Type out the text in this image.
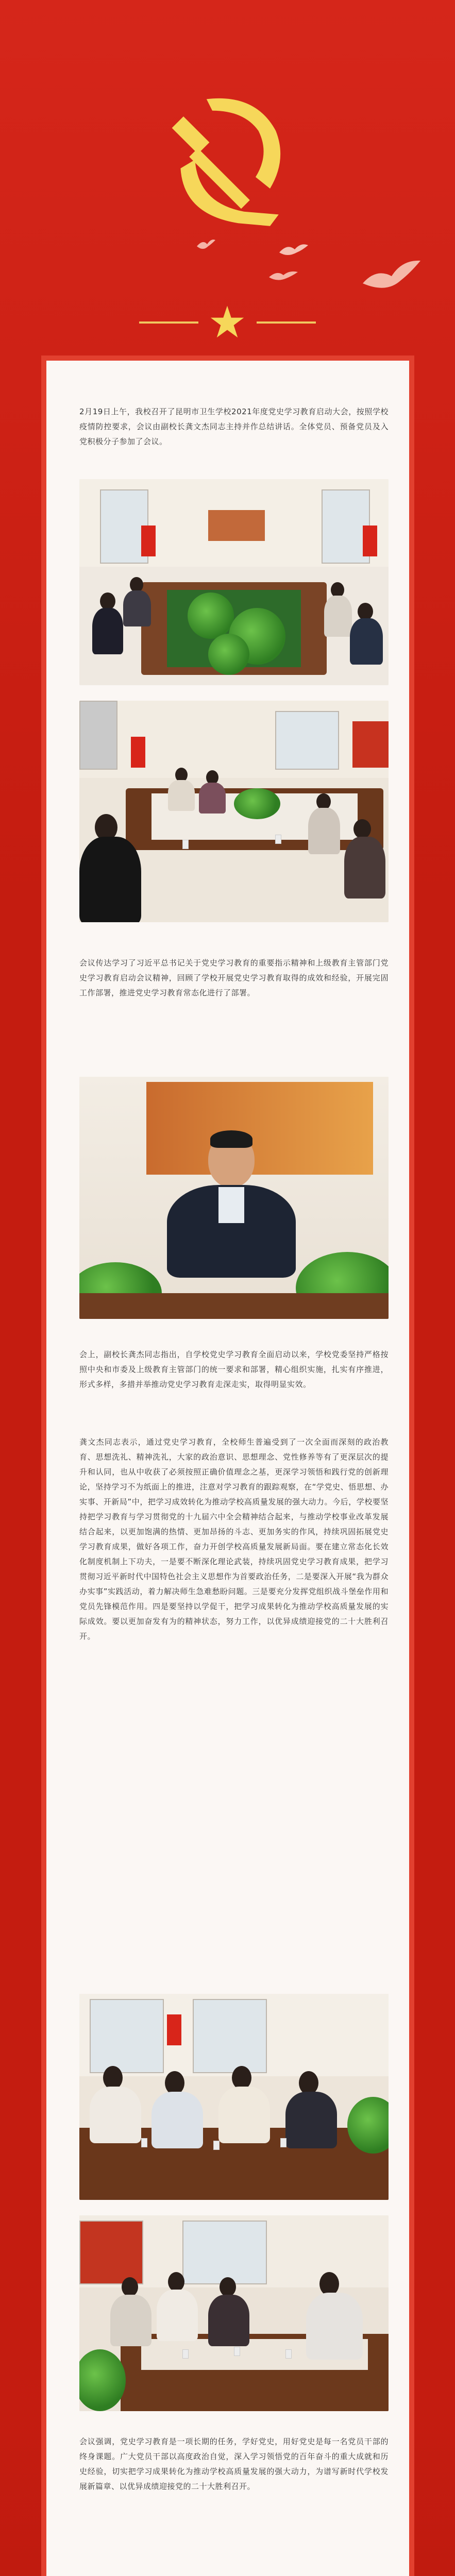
2月19日上午，我校召开了昆明市卫生学校2021年度党史学习教育启动大会，按照学校疫情防控要求，会议由副校长龚文杰同志主持并作总结讲话。全体党员、预备党员及入党积极分子参加了会议。

会议传达学习了习近平总书记关于党史学习教育的重要指示精神和上级教育主管部门党史学习教育启动会议精神，回顾了学校开展党史学习教育取得的成效和经验，开展完固工作部署，推进党史学习教育常态化进行了部署。

会上，副校长龚杰同志指出，自学校党史学习教育全面启动以来，学校党委坚持严格按照中央和市委及上级教育主管部门的统一要求和部署，精心组织实施，扎实有序推进，形式多样，多措并举推动党史学习教育走深走实，取得明显实效。

龚文杰同志表示，通过党史学习教育，全校师生普遍受到了一次全面而深刻的政治教育、思想洗礼、精神洗礼，大家的政治意识、思想理念、党性修养等有了更深层次的提升和认同，也从中收获了必须按照正确价值理念之基，更深学习领悟和践行党的创新理论，坚持学习不为纸面上的推进，注意对学习教育的跟踪观察，在“学党史、悟思想、办实事、开新局”中，把学习成效转化为推动学校高质量发展的强大动力。今后，学校要坚持把学习教育与学习贯彻党的十九届六中全会精神结合起来，与推动学校事业改革发展结合起来，以更加饱满的热情、更加昂扬的斗志、更加务实的作风，持续巩固拓展党史学习教育成果，做好各项工作，奋力开创学校高质量发展新局面。要在建立常态化长效化制度机制上下功夫，一是要不断深化理论武装，持续巩固党史学习教育成果，把学习贯彻习近平新时代中国特色社会主义思想作为首要政治任务，二是要深入开展“我为群众办实事”实践活动，着力解决师生急难愁盼问题。三是要充分发挥党组织战斗堡垒作用和党员先锋模范作用。四是要坚持以学促干，把学习成果转化为推动学校高质量发展的实际成效。要以更加奋发有为的精神状态，努力工作，以优异成绩迎接党的二十大胜利召开。

会议强调，党史学习教育是一项长期的任务，学好党史，用好党史是每一名党员干部的终身课题。广大党员干部以高度政治自觉，深入学习领悟党的百年奋斗的重大成就和历史经验，切实把学习成果转化为推动学校高质量发展的强大动力，为谱写新时代学校发展新篇章、以优异成绩迎接党的二十大胜利召开。
